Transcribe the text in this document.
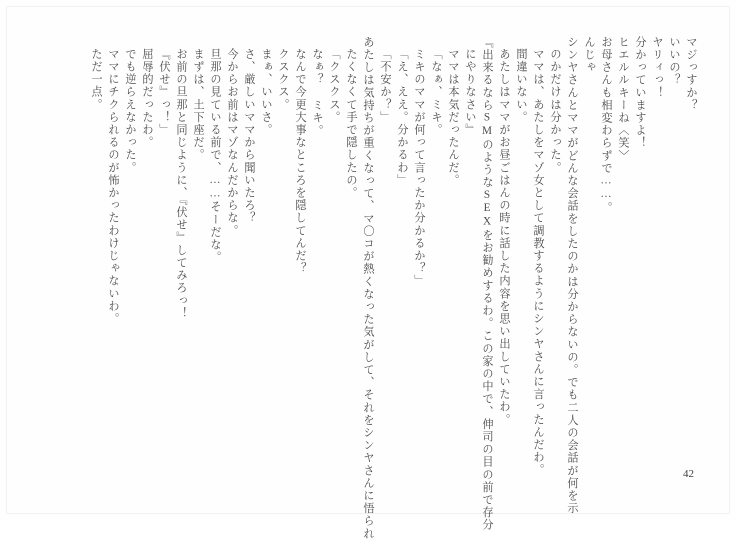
ただ一点。 ママにチクられるのが怖かったわけじゃないわ。 でも逆らえなかった。 屈辱的だったわ。 『伏せ』っ！」 お前の旦那と同じように、『伏せ』してみろっ！ まずは、土下座だ。 旦那の見ている前で、……そーだな。 今からお前はマゾなんだからな。 さ、厳しいママから聞いたろ？ まぁ、いいさ。 クスクス。 なんで今更大事なところを隠してんだ？ なぁ？ ミキ。 「クスクス。 たくなくて手で隠したの。 あたしは気持ちが重くなって、マ〇コが熱くなった気がして、それをシンヤさんに悟られ 「不安か？」 「え、ええ。分かるわ」 ミキのママが何って言ったか分かるか？」 「なぁ、ミキ。 ママは本気だったんだ。 にやりなさい』 『出来るならSMのようなSEXをお勧めするわ。この家の中で、伸司の目の前で存分 あたしはママがお昼ごはんの時に話した内容を思い出していたわ。 間違いない。 ママは、あたしをマゾ女として調教するようにシンヤさんに言ったんだわ。 のかだけは分かった。 シンヤさんとママがどんな会話をしたのかは分からないの。でも二人の会話が何を示 んじゃ お母さんも相変わらずで……。 ヒエルルキーね〈笑〉 分かっていますよ！ ヤリィっ！ いいの？ マジっすか？
42
